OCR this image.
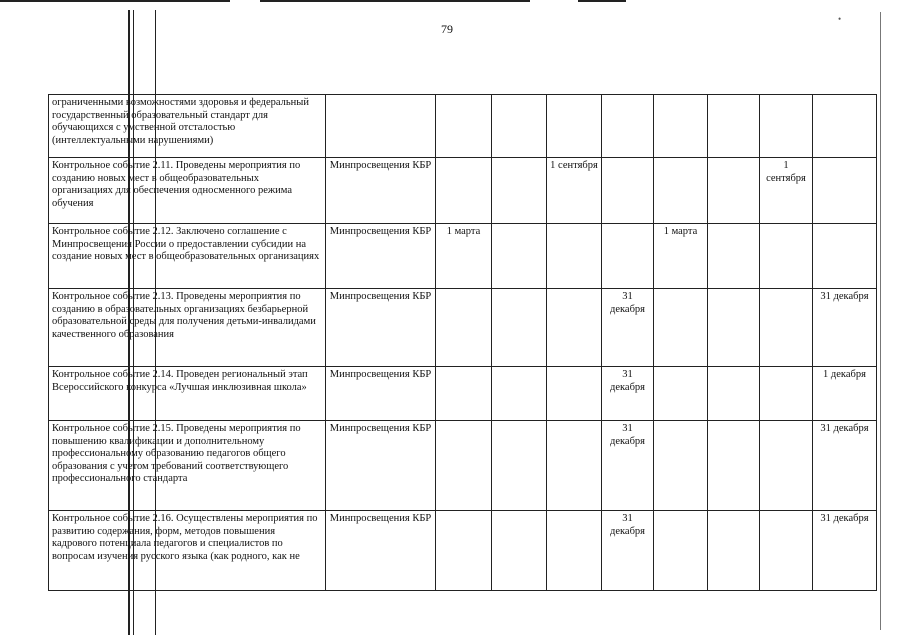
79
•
ограниченными возможностями здоровья и федеральный государственный образовательный стандарт для обучающихся с умственной отсталостью (интеллектуальными нарушениями)									

Контрольное событие 2.11. Проведены мероприятия по созданию новых мест в общеобразовательных организациях для обеспечения односменного режима обучения	Минпросвещения КБР			1 сентября				1 сентября	

Контрольное событие 2.12. Заключено соглашение с Минпросвещения России о предоставлении субсидии на создание новых мест в общеобразовательных организациях	Минпросвещения КБР	1 марта				1 марта			

Контрольное событие 2.13. Проведены мероприятия по созданию в образовательных организациях безбарьерной образовательной среды для получения детьми-инвалидами качественного образования	Минпросвещения КБР				31 декабря				31 декабря

Контрольное событие 2.14. Проведен региональный этап Всероссийского конкурса «Лучшая инклюзивная школа»	Минпросвещения КБР				31 декабря				1 декабря

Контрольное событие 2.15. Проведены мероприятия по повышению квалификации и дополнительному профессиональному образованию педагогов общего образования с учетом требований соответствующего профессионального стандарта	Минпросвещения КБР				31 декабря				31 декабря

Контрольное событие 2.16. Осуществлены мероприятия по развитию содержания, форм, методов повышения кадрового потенциала педагогов и специалистов по вопросам изучения русского языка (как родного, как не	Минпросвещения КБР				31 декабря				31 декабря
